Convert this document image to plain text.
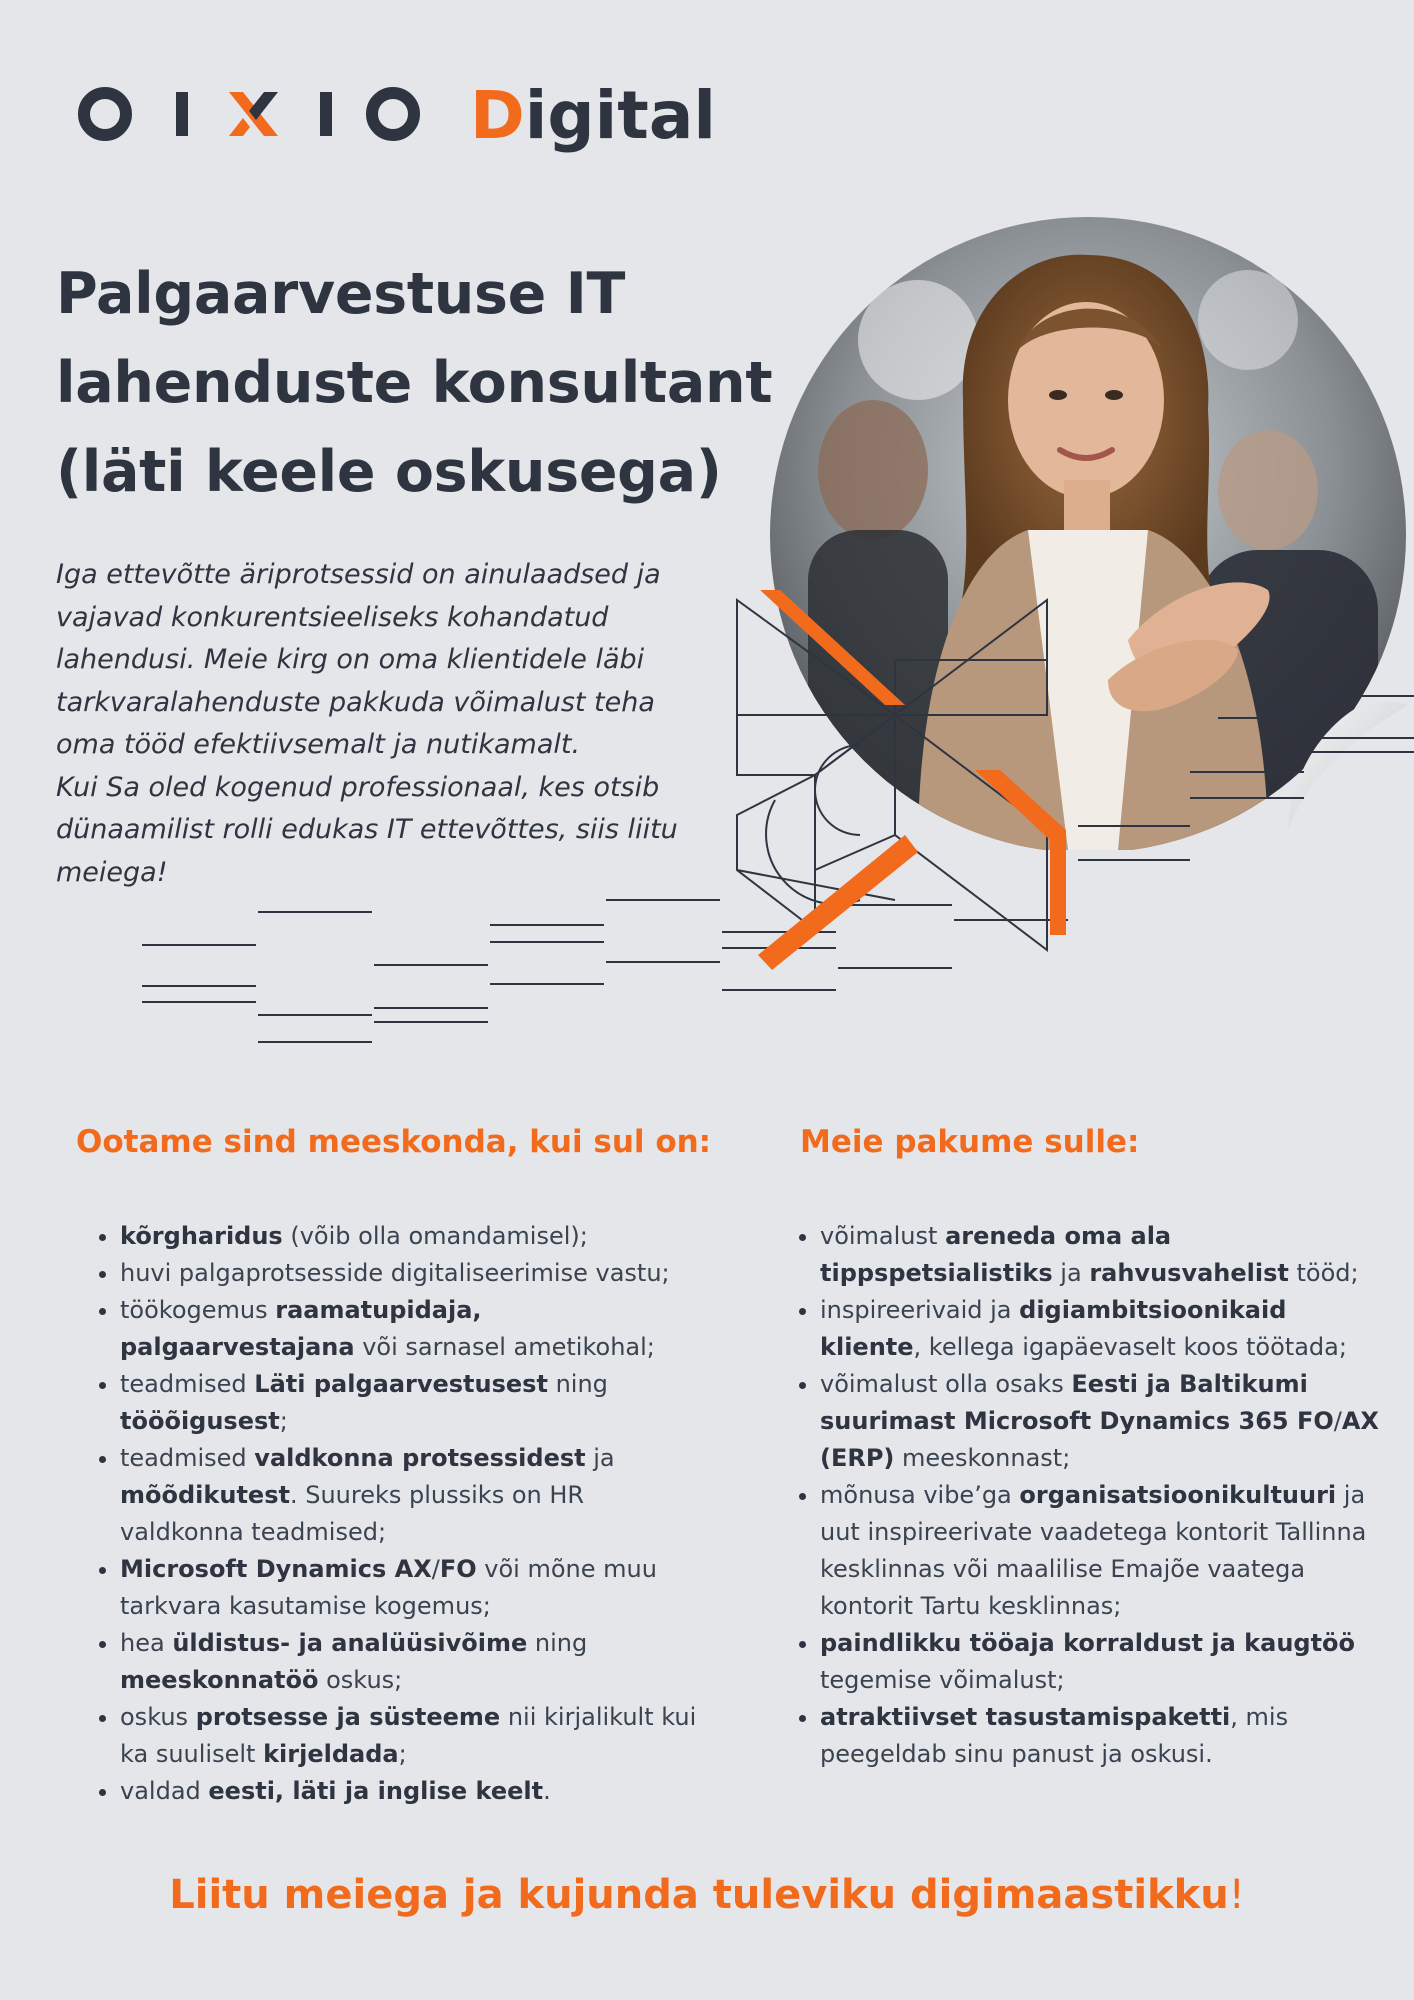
Digital
Palgaarvestuse IT
lahenduste konsultant
(läti keele oskusega)

Iga ettevõtte äriprotsessid on ainulaadsed ja vajavad konkurentsieeliseks kohandatud lahendusi. Meie kirg on oma klientidele läbi tarkvaralahenduste pakkuda võimalust teha oma tööd efektiivsemalt ja nutikamalt.

Kui Sa oled kogenud professionaal, kes otsib dünaamilist rolli edukas IT ettevõttes, siis liitu meiega!

Ootame sind meeskonda, kui sul on:
• kõrgharidus (võib olla omandamisel);
• huvi palgaprotsesside digitaliseerimise vastu;
• töökogemus raamatupidaja, palgaarvestajana või sarnasel ametikohal;
• teadmised Läti palgaarvestusest ning tööõigusest;
• teadmised valdkonna protsessidest ja mõõdikutest. Suureks plussiks on HR valdkonna teadmised;
• Microsoft Dynamics AX/FO või mõne muu tarkvara kasutamise kogemus;
• hea üldistus- ja analüüsivõime ning meeskonnatöö oskus;
• oskus protsesse ja süsteeme nii kirjalikult kui ka suuliselt kirjeldada;
• valdad eesti, läti ja inglise keelt.
Meie pakume sulle:
• võimalust areneda oma ala tippspetsialistiks ja rahvusvahelist tööd;
• inspireerivaid ja digiambitsioonikaid kliente, kellega igapäevaselt koos töötada;
• võimalust olla osaks Eesti ja Baltikumi suurimast Microsoft Dynamics 365 FO/AX (ERP) meeskonnast;
• mõnusa vibe’ga organisatsioonikultuuri ja uut inspireerivate vaadetega kontorit Tallinna kesklinnas või maalilise Emajõe vaatega kontorit Tartu kesklinnas;
• paindlikku tööaja korraldust ja kaugtöö tegemise võimalust;
• atraktiivset tasustamispaketti, mis peegeldab sinu panust ja oskusi.

Liitu meiega ja kujunda tuleviku digimaastikku!
